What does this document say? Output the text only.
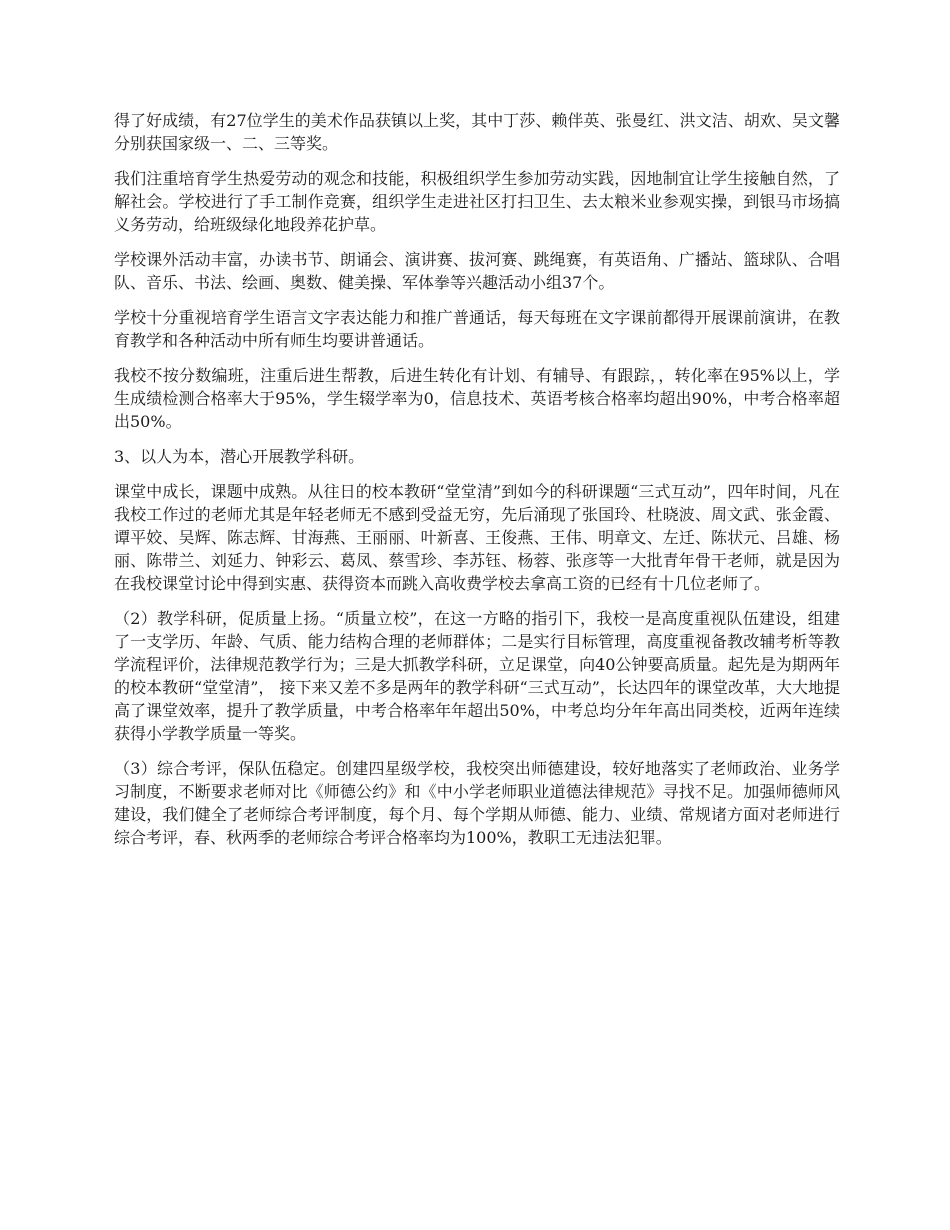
得了好成绩，有27位学生的美术作品获镇以上奖，其中丁莎、赖伴英、张曼红、洪文洁、胡欢、吴文馨分别获国家级一、二、三等奖。

我们注重培育学生热爱劳动的观念和技能，积极组织学生参加劳动实践，因地制宜让学生接触自然，了解社会。学校进行了手工制作竞赛，组织学生走进社区打扫卫生、去太粮米业参观实操，到银马市场搞义务劳动，给班级绿化地段养花护草。

学校课外活动丰富，办读书节、朗诵会、演讲赛、拔河赛、跳绳赛，有英语角、广播站、篮球队、合唱队、音乐、书法、绘画、奥数、健美操、军体拳等兴趣活动小组37个。

学校十分重视培育学生语言文字表达能力和推广普通话，每天每班在文字课前都得开展课前演讲，在教育教学和各种活动中所有师生均要讲普通话。

我校不按分数编班，注重后进生帮教，后进生转化有计划、有辅导、有跟踪，，转化率在95%以上，学生成绩检测合格率大于95%，学生辍学率为0，信息技术、英语考核合格率均超出90%，中考合格率超出50%。

3、以人为本，潜心开展教学科研。

课堂中成长，课题中成熟。从往日的校本教研“堂堂清”到如今的科研课题“三式互动”，四年时间，凡在我校工作过的老师尤其是年轻老师无不感到受益无穷，先后涌现了张国玲、杜晓波、周文武、张金霞、谭平姣、吴辉、陈志辉、甘海燕、王丽丽、叶新喜、王俊燕、王伟、明章文、左迁、陈状元、吕雄、杨丽、陈带兰、刘延力、钟彩云、葛凤、蔡雪珍、李苏钰、杨蓉、张彦等一大批青年骨干老师，就是因为在我校课堂讨论中得到实惠、获得资本而跳入高收费学校去拿高工资的已经有十几位老师了。

（2）教学科研，促质量上扬。“质量立校”，在这一方略的指引下，我校一是高度重视队伍建设，组建了一支学历、年龄、气质、能力结构合理的老师群体；二是实行目标管理，高度重视备教改辅考析等教学流程评价，法律规范教学行为；三是大抓教学科研，立足课堂，向40公钟要高质量。起先是为期两年的校本教研“堂堂清”， 接下来又差不多是两年的教学科研“三式互动”，长达四年的课堂改革，大大地提高了课堂效率，提升了教学质量，中考合格率年年超出50%，中考总均分年年高出同类校，近两年连续获得小学教学质量一等奖。

（3）综合考评，保队伍稳定。创建四星级学校，我校突出师德建设，较好地落实了老师政治、业务学习制度，不断要求老师对比《师德公约》和《中小学老师职业道德法律规范》寻找不足。加强师德师风建设，我们健全了老师综合考评制度，每个月、每个学期从师德、能力、业绩、常规诸方面对老师进行综合考评，春、秋两季的老师综合考评合格率均为100%，教职工无违法犯罪。
